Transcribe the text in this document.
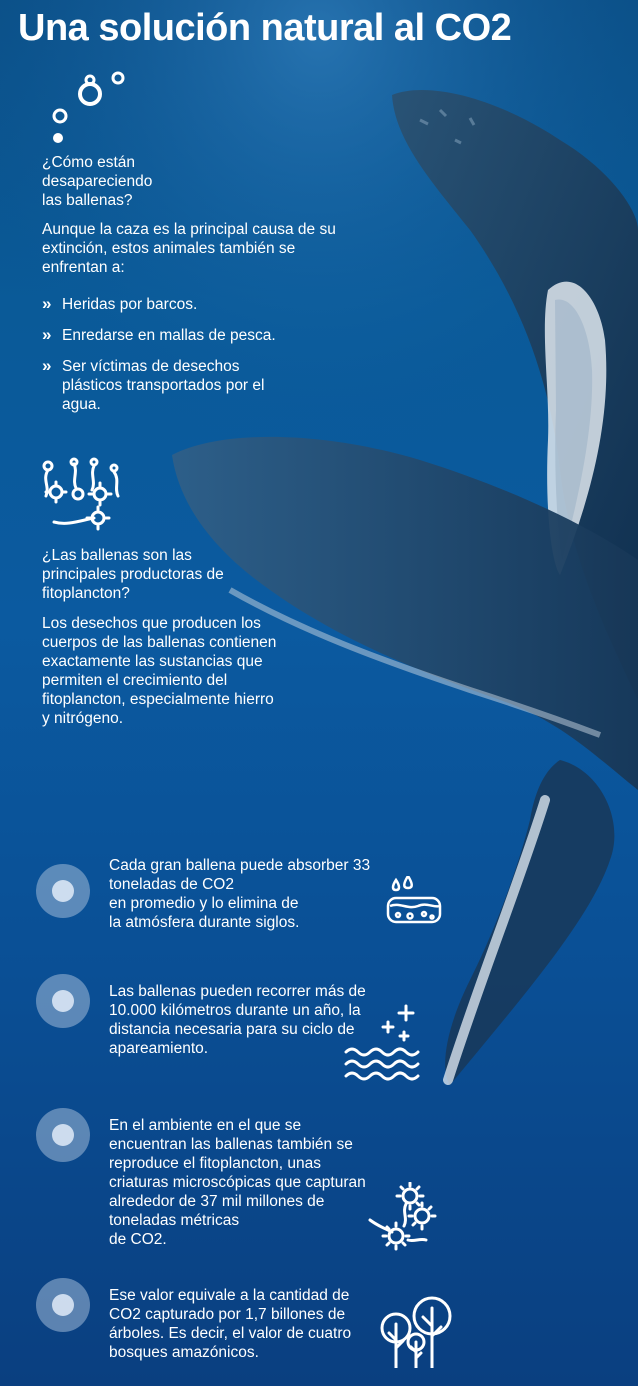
Una solución natural al CO2

¿Cómo están
desapareciendo
las ballenas?

Aunque la caza es la principal causa de su
extinción, estos animales también se
enfrentan a:

» Heridas por barcos.
» Enredarse en mallas de pesca.
» Ser víctimas de desechos
plásticos transportados por el
agua.

¿Las ballenas son las
principales productoras de
fitoplancton?

Los desechos que producen los
cuerpos de las ballenas contienen
exactamente las sustancias que
permiten el crecimiento del
fitoplancton, especialmente hierro
y nitrógeno.

Cada gran ballena puede absorber 33
toneladas de CO2
en promedio y lo elimina de
la atmósfera durante siglos.

Las ballenas pueden recorrer más de
10.000 kilómetros durante un año, la
distancia necesaria para su ciclo de
apareamiento.

En el ambiente en el que se
encuentran las ballenas también se
reproduce el fitoplancton, unas
criaturas microscópicas que capturan
alrededor de 37 mil millones de
toneladas métricas
de CO2.

Ese valor equivale a la cantidad de
CO2 capturado por 1,7 billones de
árboles. Es decir, el valor de cuatro
bosques amazónicos.
